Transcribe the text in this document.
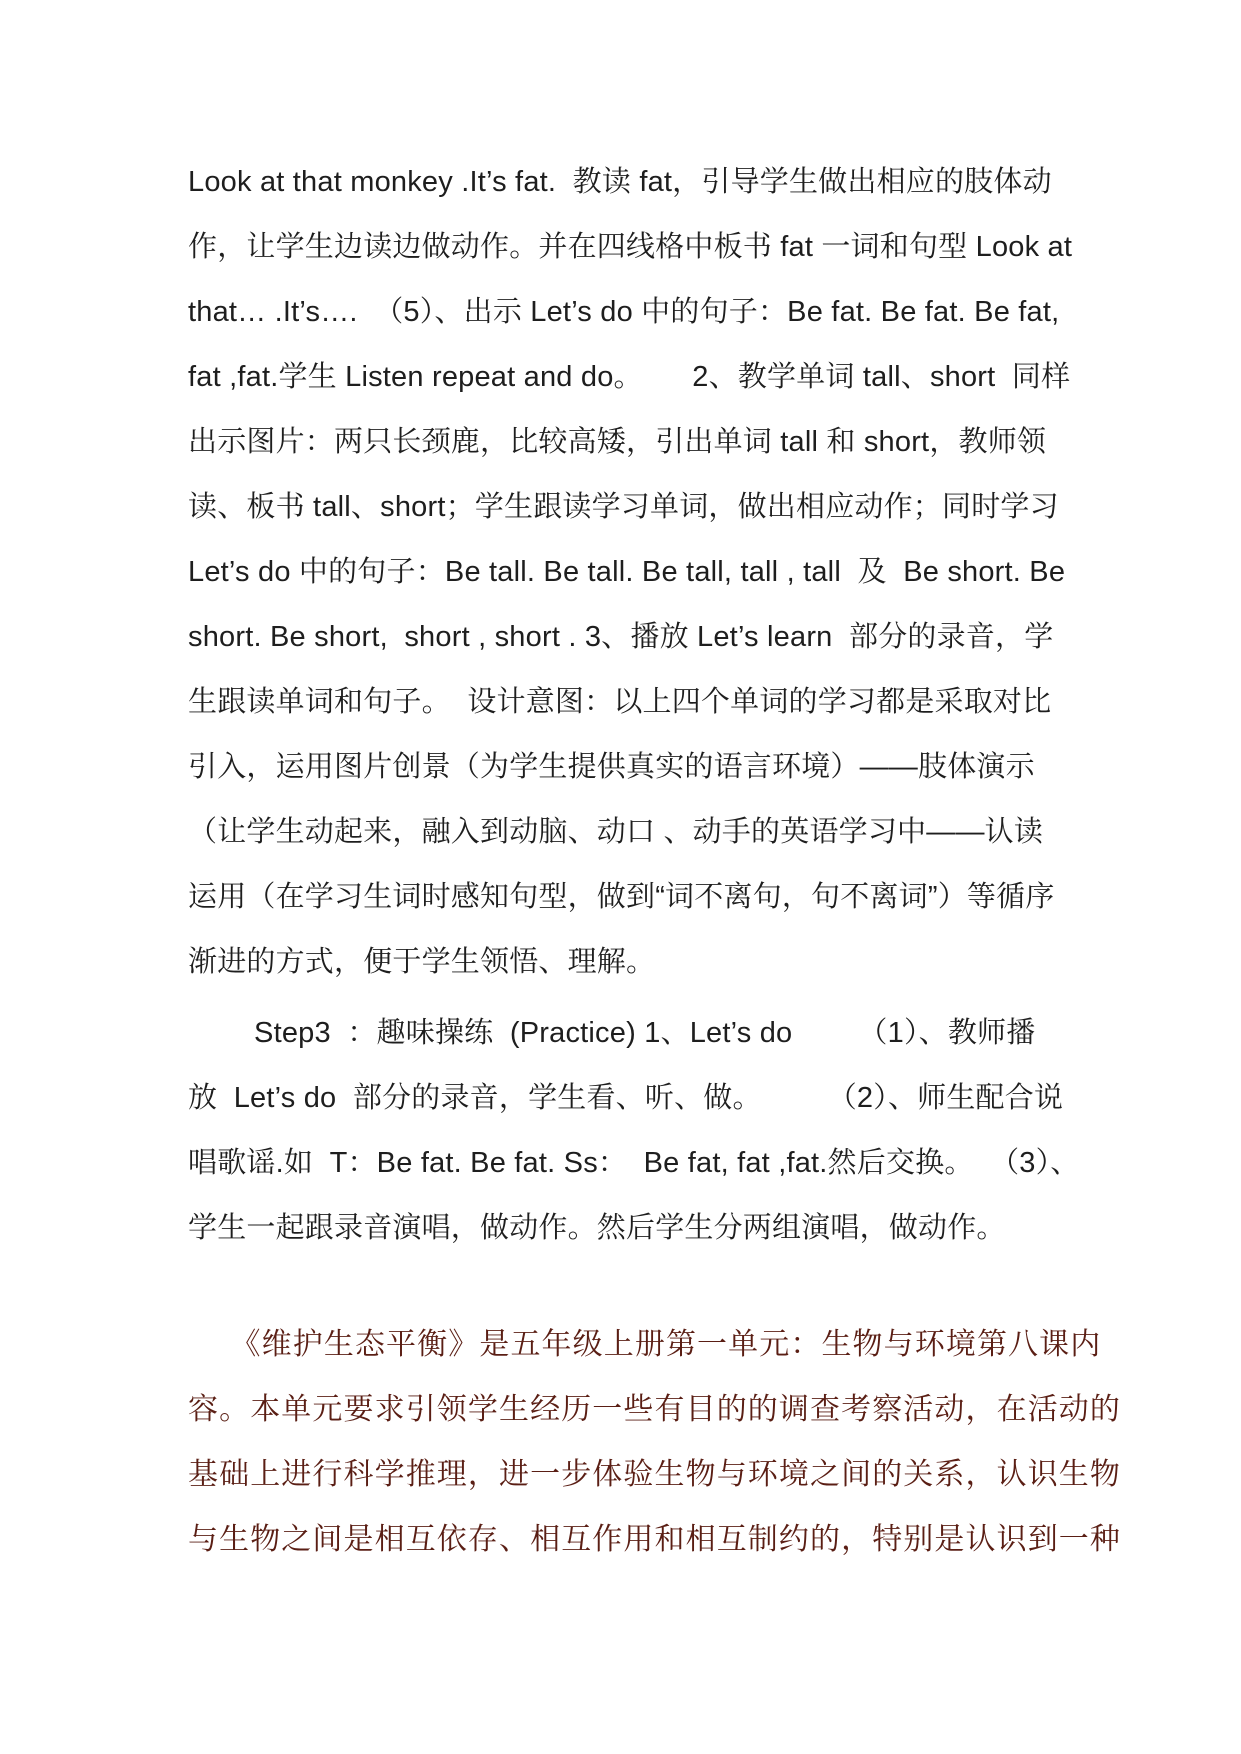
Look at that monkey .It’s fat.  教读 fat，引导学生做出相应的肢体动
作，让学生边读边做动作。并在四线格中板书 fat 一词和句型 Look at
that… .It’s….  （5）、出示 Let’s do 中的句子：Be fat. Be fat. Be fat,
fat ,fat.学生 Listen repeat and do。      2、教学单词 tall、short  同样
出示图片：两只长颈鹿，比较高矮，引出单词 tall 和 short，教师领
读、板书 tall、short；学生跟读学习单词，做出相应动作；同时学习
Let’s do 中的句子：Be tall. Be tall. Be tall, tall , tall  及  Be short. Be
short. Be short,  short , short . 3、播放 Let’s learn  部分的录音，学
生跟读单词和句子。  设计意图：以上四个单词的学习都是采取对比
引入，运用图片创景（为学生提供真实的语言环境）——肢体演示
（让学生动起来，融入到动脑、动口 、动手的英语学习中——认读
运用（在学习生词时感知句型，做到“词不离句，句不离词”）等循序
渐进的方式，便于学生领悟、理解。
Step3  ：趣味操练  (Practice) 1、Let’s do        （1）、教师播
放  Let’s do  部分的录音，学生看、听、做。        （2）、师生配合说
唱歌谣.如  T：Be fat. Be fat. Ss：  Be fat, fat ,fat.然后交换。  （3）、
学生一起跟录音演唱，做动作。然后学生分两组演唱，做动作。
《维护生态平衡》是五年级上册第一单元：生物与环境第八课内
容。本单元要求引领学生经历一些有目的的调查考察活动，在活动的
基础上进行科学推理，进一步体验生物与环境之间的关系，认识生物
与生物之间是相互依存、相互作用和相互制约的，特别是认识到一种
